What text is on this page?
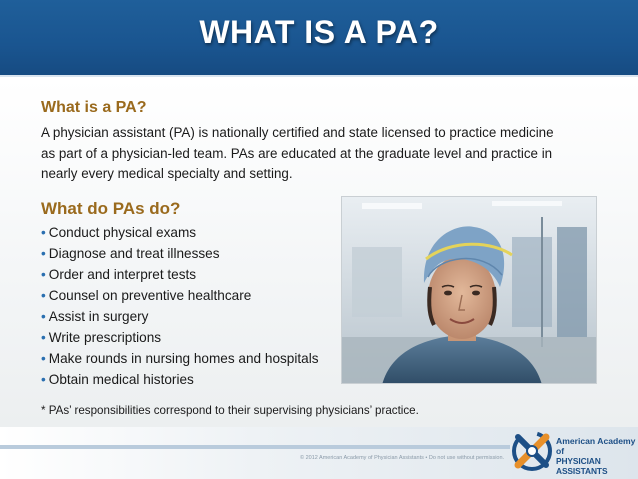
WHAT IS A PA?
What is a PA?
A physician assistant (PA) is nationally certified and state licensed to practice medicine as part of a physician-led team. PAs are educated at the graduate level and practice in nearly every medical specialty and setting.
What do PAs do?
• Conduct physical exams
• Diagnose and treat illnesses
• Order and interpret tests
• Counsel on preventive healthcare
• Assist in surgery
• Write prescriptions
• Make rounds in nursing homes and hospitals
• Obtain medical histories
* PAs’ responsibilities correspond to their supervising physicians’ practice.
© 2012 American Academy of Physician Assistants • Do not use without permission.
American Academy of
PHYSICIAN ASSISTANTS
